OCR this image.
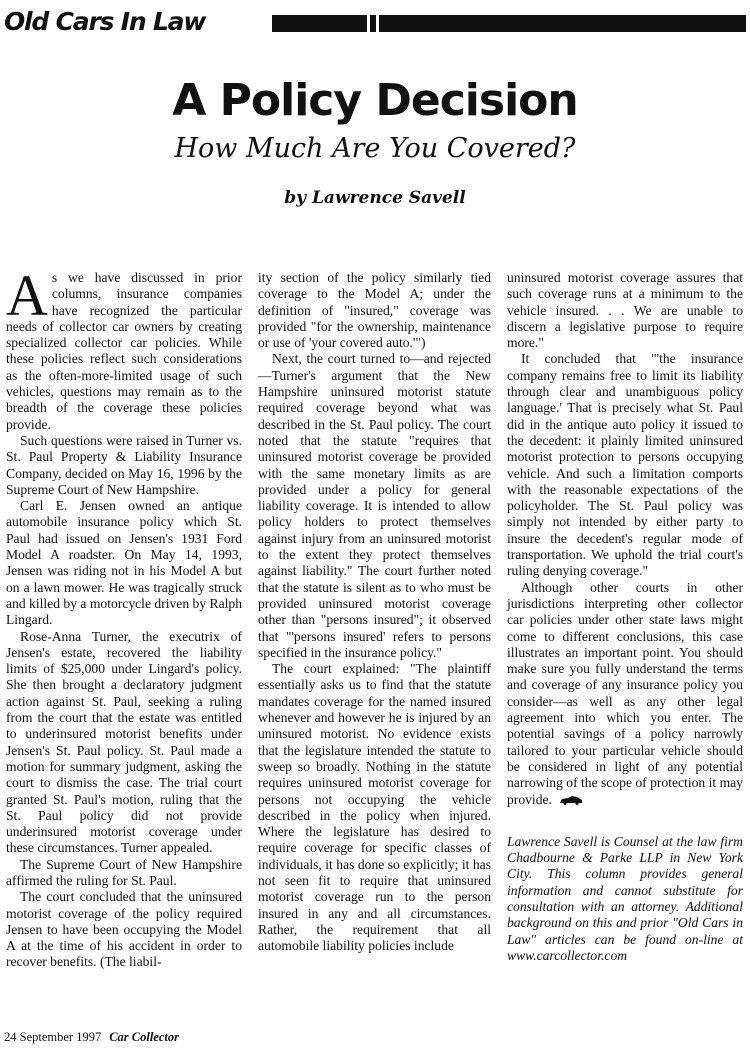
Old Cars In Law
A Policy Decision
How Much Are You Covered?
by Lawrence Savell

As we have discussed in prior columns, insurance companies have recognized the particular needs of collector car owners by creating specialized collector car policies. While these policies reflect such considerations as the often-more-limited usage of such vehicles, questions may remain as to the breadth of the coverage these policies provide.

Such questions were raised in Turner vs. St. Paul Property & Liability Insurance Company, decided on May 16, 1996 by the Supreme Court of New Hampshire.

Carl E. Jensen owned an antique automobile insurance policy which St. Paul had issued on Jensen's 1931 Ford Model A roadster. On May 14, 1993, Jensen was riding not in his Model A but on a lawn mower. He was tragically struck and killed by a motorcycle driven by Ralph Lingard.

Rose-Anna Turner, the executrix of Jensen's estate, recovered the liability limits of $25,000 under Lingard's policy. She then brought a declaratory judgment action against St. Paul, seeking a ruling from the court that the estate was entitled to underinsured motorist benefits under Jensen's St. Paul policy. St. Paul made a motion for summary judgment, asking the court to dismiss the case. The trial court granted St. Paul's motion, ruling that the St. Paul policy did not provide underinsured motorist coverage under these circumstances. Turner appealed.

The Supreme Court of New Hampshire affirmed the ruling for St. Paul.

The court concluded that the uninsured motorist coverage of the policy required Jensen to have been occupying the Model A at the time of his accident in order to recover benefits. (The liabil-

ity section of the policy similarly tied coverage to the Model A; under the definition of "insured," coverage was provided "for the ownership, maintenance or use of 'your covered auto.'")

Next, the court turned to—and rejected—Turner's argument that the New Hampshire uninsured motorist statute required coverage beyond what was described in the St. Paul policy. The court noted that the statute "requires that uninsured motorist coverage be provided with the same monetary limits as are provided under a policy for general liability coverage. It is intended to allow policy holders to protect themselves against injury from an uninsured motorist to the extent they protect themselves against liability." The court further noted that the statute is silent as to who must be provided uninsured motorist coverage other than "persons insured"; it observed that "'persons insured' refers to persons specified in the insurance policy."

The court explained: "The plaintiff essentially asks us to find that the statute mandates coverage for the named insured whenever and however he is injured by an uninsured motorist. No evidence exists that the legislature intended the statute to sweep so broadly. Nothing in the statute requires uninsured motorist coverage for persons not occupying the vehicle described in the policy when injured. Where the legislature has desired to require coverage for specific classes of individuals, it has done so explicitly; it has not seen fit to require that uninsured motorist coverage run to the person insured in any and all circumstances. Rather, the requirement that all automobile liability policies include

uninsured motorist coverage assures that such coverage runs at a minimum to the vehicle insured. . . We are unable to discern a legislative purpose to require more."

It concluded that "'the insurance company remains free to limit its liability through clear and unambiguous policy language.' That is precisely what St. Paul did in the antique auto policy it issued to the decedent: it plainly limited uninsured motorist protection to persons occupying vehicle. And such a limitation comports with the reasonable expectations of the policyholder. The St. Paul policy was simply not intended by either party to insure the decedent's regular mode of transportation. We uphold the trial court's ruling denying coverage."

Although other courts in other jurisdictions interpreting other collector car policies under other state laws might come to different conclusions, this case illustrates an important point. You should make sure you fully understand the terms and coverage of any insurance policy you consider—as well as any other legal agreement into which you enter. The potential savings of a policy narrowly tailored to your particular vehicle should be considered in light of any potential narrowing of the scope of protection it may provide.

Lawrence Savell is Counsel at the law firm Chadbourne & Parke LLP in New York City. This column provides general information and cannot substitute for consultation with an attorney. Additional background on this and prior "Old Cars in Law" articles can be found on-line at www.carcollector.com

24 September 1997 Car Collector
